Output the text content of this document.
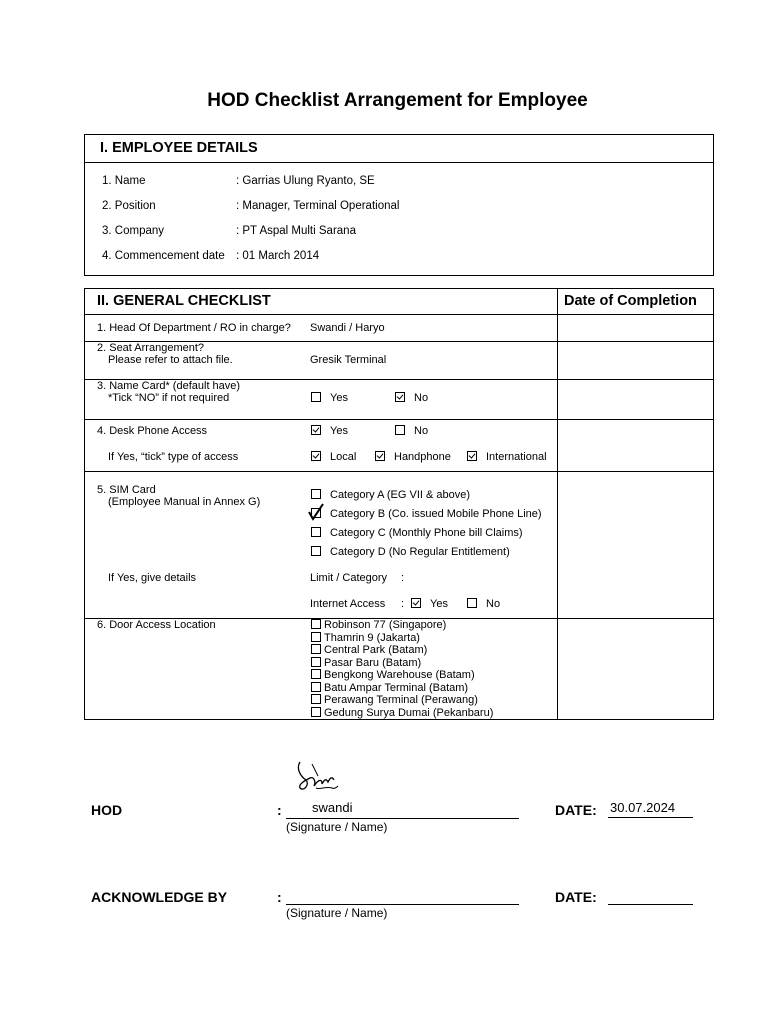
HOD Checklist Arrangement for Employee
I. EMPLOYEE DETAILS
1. Name	: Garrias Ulung Ryanto, SE
2. Position	: Manager, Terminal Operational
3. Company	: PT Aspal Multi Sarana
4. Commencement date : 01 March 2014
II. GENERAL CHECKLIST	Date of Completion
1. Head Of Department / RO in charge? Swandi / Haryo
2. Seat Arrangement?
Please refer to attach file.	Gresik Terminal
3. Name Card* (default have)
*Tick “NO” if not required	Yes	No
4. Desk Phone Access	Yes	No
If Yes, “tick” type of access	Local	Handphone	International
5. SIM Card
(Employee Manual in Annex G)
Category A (EG VII & above)
Category B (Co. issued Mobile Phone Line)
Category C (Monthly Phone bill Claims)
Category D (No Regular Entitlement)
If Yes, give details	Limit / Category :
Internet Access :	Yes	No
6. Door Access Location	Robinson 77 (Singapore)
Thamrin 9 (Jakarta)
Central Park (Batam)
Pasar Baru (Batam)
Bengkong Warehouse (Batam)
Batu Ampar Terminal (Batam)
Perawang Terminal (Perawang)
Gedung Surya Dumai (Pekanbaru)
HOD	: swandi
(Signature / Name)
DATE: 30.07.2024
ACKNOWLEDGE BY	:
(Signature / Name)
DATE:
